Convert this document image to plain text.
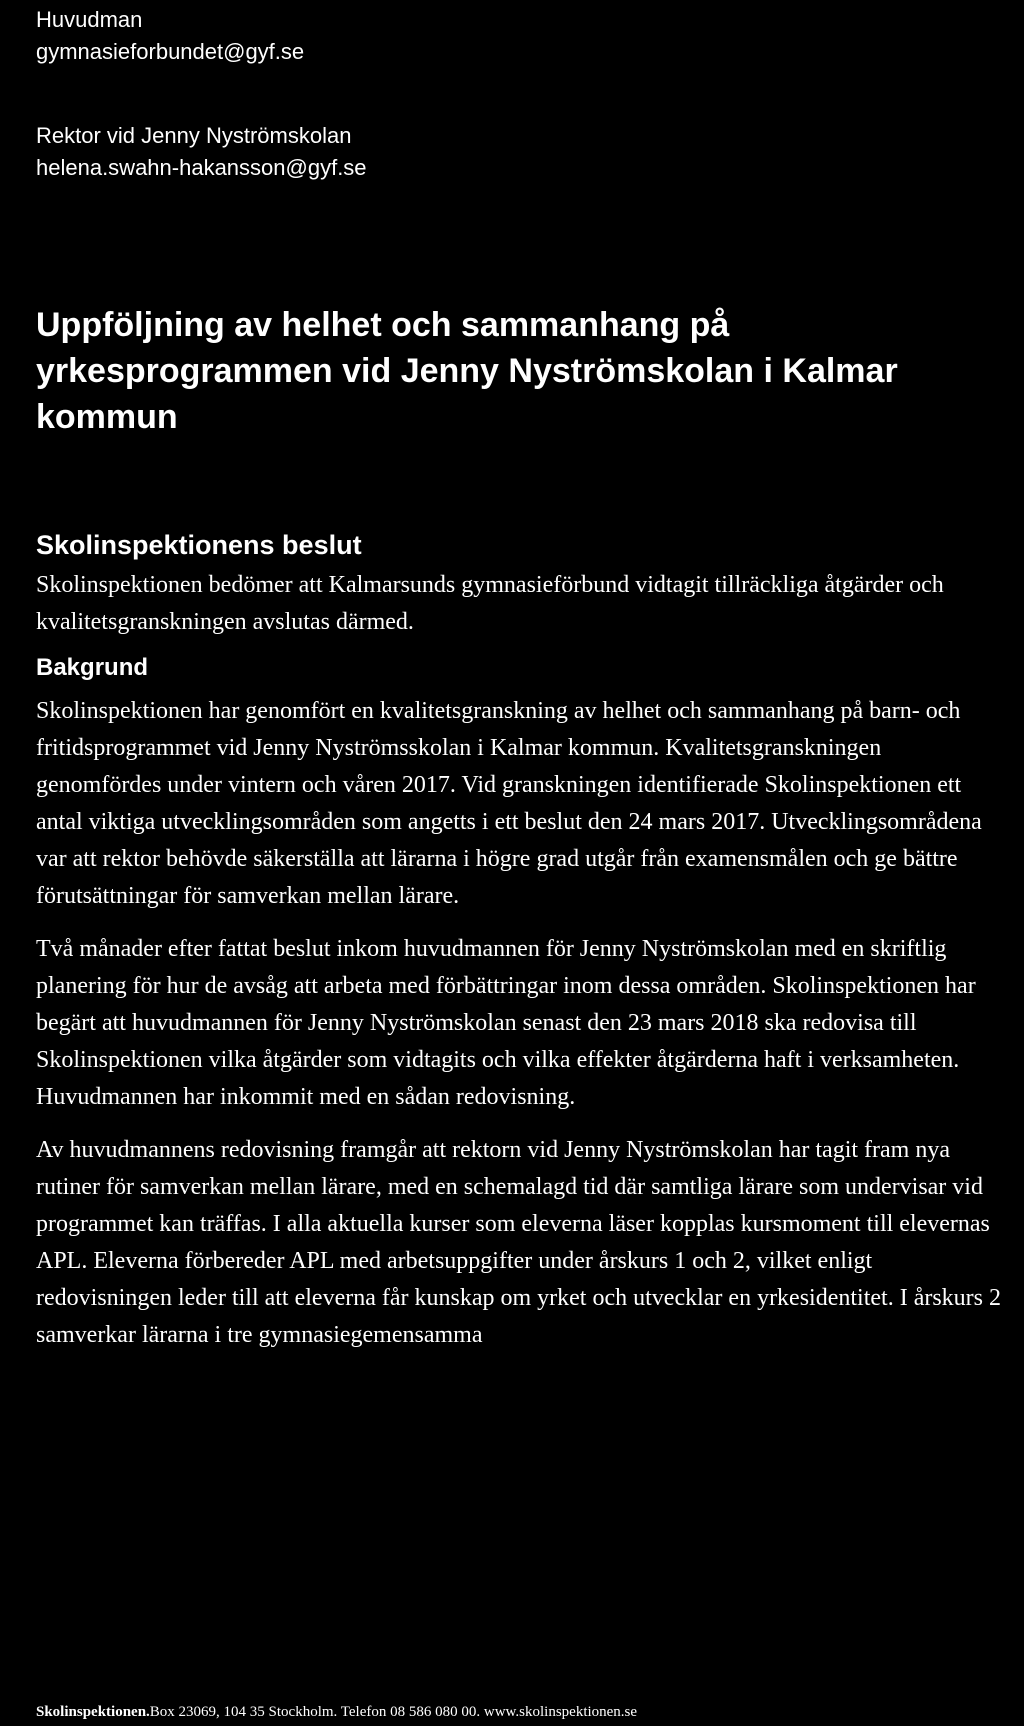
Huvudman
gymnasieforbundet@gyf.se
Rektor vid Jenny Nyströmskolan
helena.swahn-hakansson@gyf.se
Uppföljning av helhet och sammanhang på yrkesprogrammen vid Jenny Nyströmskolan i Kalmar kommun
Skolinspektionens beslut

Skolinspektionen bedömer att Kalmarsunds gymnasieförbund vidtagit tillräckliga åtgärder och kvalitetsgranskningen avslutas därmed.

Bakgrund

Skolinspektionen har genomfört en kvalitetsgranskning av helhet och sammanhang på barn- och fritidsprogrammet vid Jenny Nyströmsskolan i Kalmar kommun. Kvalitetsgranskningen genomfördes under vintern och våren 2017. Vid granskningen identifierade Skolinspektionen ett antal viktiga utvecklingsområden som angetts i ett beslut den 24 mars 2017. Utvecklingsområdena var att rektor behövde säkerställa att lärarna i högre grad utgår från examensmålen och ge bättre förutsättningar för samverkan mellan lärare.

Två månader efter fattat beslut inkom huvudmannen för Jenny Nyströmskolan med en skriftlig planering för hur de avsåg att arbeta med förbättringar inom dessa områden. Skolinspektionen har begärt att huvudmannen för Jenny Nyströmskolan senast den 23 mars 2018 ska redovisa till Skolinspektionen vilka åtgärder som vidtagits och vilka effekter åtgärderna haft i verksamheten. Huvudmannen har inkommit med en sådan redovisning.

Av huvudmannens redovisning framgår att rektorn vid Jenny Nyströmskolan har tagit fram nya rutiner för samverkan mellan lärare, med en schemalagd tid där samtliga lärare som undervisar vid programmet kan träffas. I alla aktuella kurser som eleverna läser kopplas kursmoment till elevernas APL. Eleverna förbereder APL med arbetsuppgifter under årskurs 1 och 2, vilket enligt redovisningen leder till att eleverna får kunskap om yrket och utvecklar en yrkesidentitet. I årskurs 2 samverkar lärarna i tre gymnasiegemensamma

Skolinspektionen.Box 23069, 104 35 Stockholm. Telefon 08 586 080 00. www.skolinspektionen.se
